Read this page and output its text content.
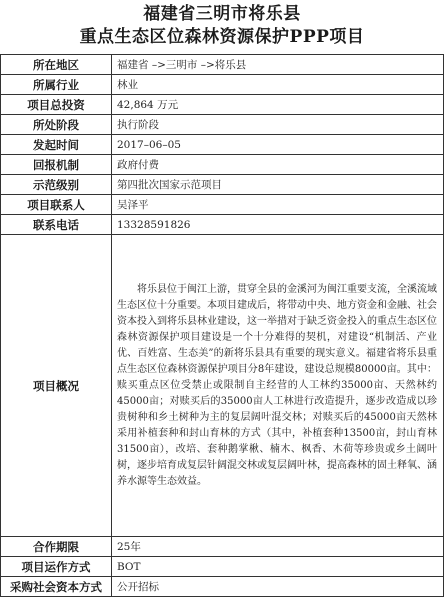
福建省三明市将乐县
重点生态区位森林资源保护PPP项目
所在地区	福建省 –>三明市 –>将乐县
所属行业	林业
项目总投资	42,864 万元
所处阶段	执行阶段
发起时间	2017–06–05
回报机制	政府付费
示范级别	第四批次国家示范项目
项目联系人	吴泽平
联系电话	13328591826
项目概况	将乐县位于闽江上游，贯穿全县的金溪河为闽江重要支流，全溪流域生态区位十分重要。本项目建成后，将带动中央、地方资金和金融、社会资本投入到将乐县林业建设，这一举措对于缺乏资金投入的重点生态区位森林资源保护项目建设是一个十分难得的契机，对建设“机制活、产业优、百姓富、生态美”的新将乐县具有重要的现实意义。福建省将乐县重点生态区位森林资源保护项目分8年建设，建设总规模80000亩。其中：赎买重点区位受禁止或限制自主经营的人工林约35000亩、天然林约45000亩；对赎买后的35000亩人工林进行改造提升，逐步改造成以珍贵树种和乡土树种为主的复层阔叶混交林；对赎买后的45000亩天然林采用补植套种和封山育林的方式（其中，补植套种13500亩，封山育林31500亩），改培、套种鹅掌楸、楠木、枫香、木荷等珍贵或乡土阔叶树，逐步培育成复层针阔混交林或复层阔叶林，提高森林的固土释氧、涵养水源等生态效益。

合作期限	25年
项目运作方式	BOT
采购社会资本方式	公开招标
